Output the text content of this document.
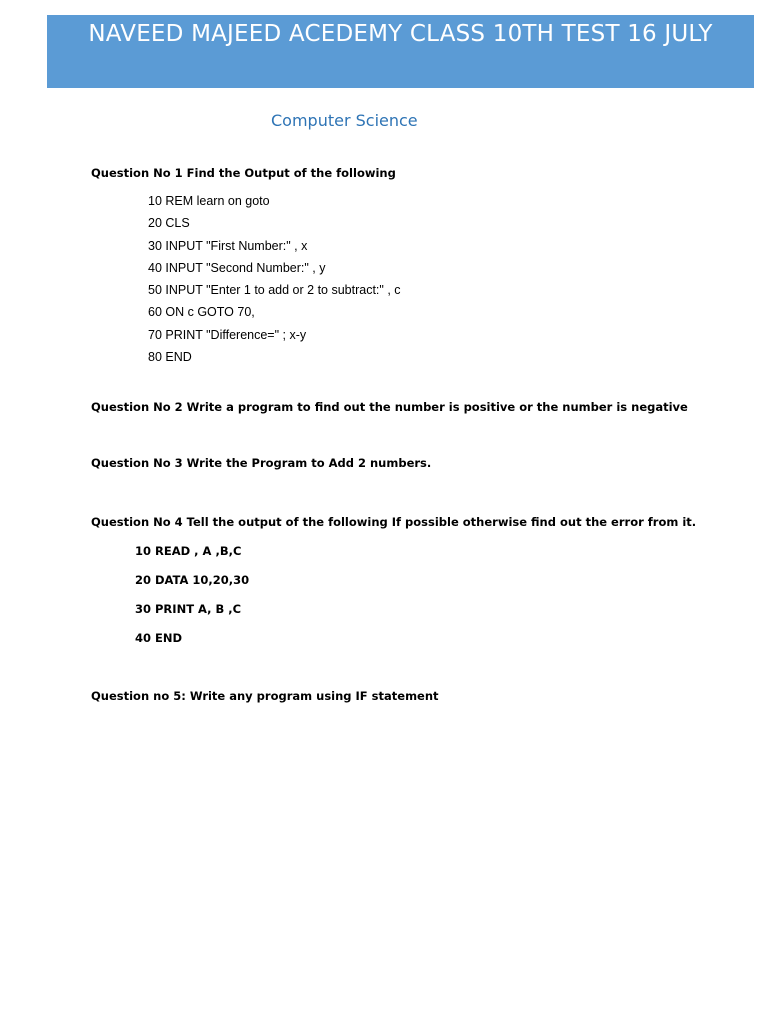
NAVEED MAJEED ACEDEMY CLASS 10TH TEST 16 JULY
Computer Science
Question No 1 Find the Output of the following
10 REM learn on goto
20 CLS
30 INPUT "First Number:" , x
40 INPUT "Second Number:" , y
50 INPUT "Enter 1 to add or 2 to subtract:" , c
60 ON c GOTO 70,
70 PRINT "Difference=" ; x-y
80 END
Question No 2 Write a program to find out the number is positive or the number is negative
Question No 3 Write the Program to Add 2 numbers.
Question No 4 Tell the output of the following If possible otherwise find out the error from it.
10 READ , A ,B,C
20 DATA 10,20,30
30 PRINT A, B ,C
40 END
Question no 5: Write any program using IF statement
